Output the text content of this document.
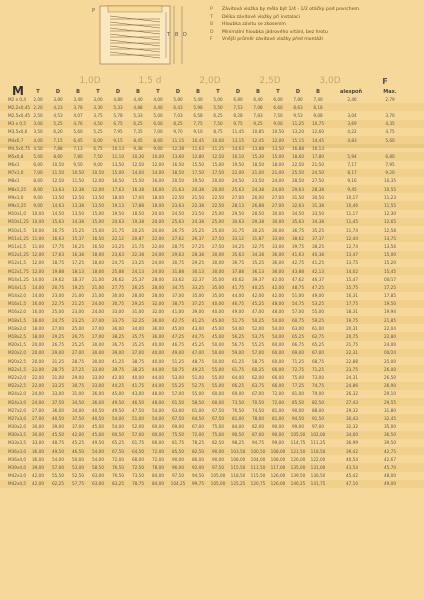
P
T B D
P	Závitová vložka by měla být 1/4 - 1/2 otáčky pod povrchem.
T	Délka závitové vložky při instalaci
B	Hloubka závitu se zkosením
D	Minimální hloubka jádrového vrtání, bez hrotu
F	Vnější průměr závitové vložky před montáží
M
1,0D	1,5 d	2,0D	2,5D	3,0D	F
T	D	B	T	D	B	T	D	B	T	D	B	T	D	B	alespoň	Max.
M2 x 0,4	2,00	3,80	3,40	3,00	4,80	4,40	4,00	5,80	5,40	5,00	6,80	6,40	6,00	7,80	7,40	2,46	2,79
M2,2x0,45 2,20	4,23	3,78	3,30	5,33	4,88	4,40	6,43	5,98	5,50	7,53	7,08	6,60	8,63	8,18
M2,5x0,45 2,50	4,53	4,07	3,75	5,78	5,33	5,00	7,03	6,58	6,25	8,28	7,83	7,50	9,53	9,08	3,04	3,70
M3 x 0,5	3,00	5,25	4,76	4,50	6,75	6,25	6,00	8,25	7,75	7,50	9,75	9,25	9,00	11,25	10,75	3,69	4,35
M3,5x0,6	3,50	6,20	5,60	5,25	7,95	7,35	7,00	9,70	9,10	8,75	11,45	10,85	10,50	13,20	12,60	4,22	4,75
M4x0,7	4,00	7,15	6,45	6,00	9,15	8,45	8,00	11,15	10,45	10,00	13,15	12,45	12,00	15,15	14,45	4,83	5,60
M4,5x0,75 4,50	7,88	7,13	6,75	10,13	9,38	9,00	12,38	11,63	11,25	14,63	13,88	13,50	16,88	16,13
M5x0,8	5,00	8,60	7,80	7,50	11,10	10,30	10,00	13,60	12,80	12,50	16,10	15,30	15,00	18,60	17,80	5,94	6,80
M6x1	6,00	10,50	9,50	9,00	13,50	12,50	12,00	16,50	15,50	15,00	19,50	18,50	18,00	22,50	21,50	7,17	7,95
M7x1,0	7,00	11,50	10,50	10,50	15,00	14,00	14,00	18,50	17,50	17,50	22,00	21,00	21,00	25,50	24,50	8,17	9,20
M8x1	8,00	12,50	11,50	12,00	16,50	15,50	16,00	20,50	19,50	20,00	24,50	23,50	24,00	28,50	27,50	9,16	10,35
M8x1,25	8,00	13,63	12,38	12,00	17,63	16,38	16,00	21,63	20,38	20,00	25,63	24,38	24,00	29,63	28,38	9,45	10,55
M9x1,0	9,00	13,50	12,50	13,50	18,00	17,00	18,00	22,50	21,50	22,50	27,00	26,00	27,00	31,50	30,50	10,17	11,23
M9x1,25	9,00	14,63	13,38	13,50	19,13	17,88	18,00	23,63	22,38	22,50	28,13	26,88	27,00	32,63	31,38	10,46	11,55
M10x1,0	10,00	14,50	13,50	15,00	19,50	18,50	20,00	24,50	23,50	25,00	29,50	28,50	30,00	34,50	33,50	11,17	12,30
M10x1,25 10,00	15,63	14,38	15,00	20,63	19,38	20,00	25,63	24,38	25,00	30,63	29,38	30,00	35,63	34,38	11,45	12,65
M10x1,5	10,00	16,75	15,25	15,00	21,75	20,25	20,00	26,75	25,25	25,00	31,75	30,25	30,00	36,75	35,25	11,74	12,58
M11x1,25 11,00	16,63	15,37	16,50	22,12	20,87	22,00	27,62	26,37	27,50	33,12	31,87	33,00	38,62	37,37	12,44	13,75
M11x1,5	11,00	17,75	16,25	16,50	23,25	21,75	22,00	28,75	27,25	27,50	34,25	32,75	33,00	39,75	38,25	12,74	13,56
M12x1,25 12,00	17,63	16,38	18,00	23,63	22,38	24,00	29,63	28,38	30,00	35,63	34,38	36,00	41,63	40,38	13,47	15,00
M12x1,5	12,00	18,75	17,25	18,00	24,75	23,25	24,00	30,75	29,25	30,00	36,75	35,25	36,00	42,75	41,25	13,75	15,20
M12x1,75 12,00	19,88	18,13	18,00	25,88	24,13	24,00	31,88	30,13	30,00	37,88	36,13	36,00	43,88	42,13	14,02	15,45
M14x1,25 14,00	19,62	18,37	21,00	26,62	25,37	28,00	33,62	32,37	35,00	40,62	39,37	42,00	47,62	46,37	15,47	00/17
M14x1,5	14,00	20,75	19,25	21,00	27,75	26,25	28,00	34,75	33,25	35,00	41,75	40,25	42,00	48,75	47,25	15,75	17,25
M14x2,0	14,00	23,00	21,00	21,00	30,00	28,00	28,00	37,00	35,00	35,00	44,00	42,00	42,00	51,00	49,00	16,31	17,85
M16x1,5	16,00	22,75	21,25	24,00	30,75	29,25	32,00	38,75	37,25	40,00	46,75	45,25	48,00	54,75	53,25	17,75	19,50
M16x2,0	16,00	25,00	23,00	24,00	33,00	31,00	32,00	41,00	39,00	40,00	49,00	47,00	48,00	57,00	55,00	18,31	19,94
M18x1,5	18,00	24,75	23,25	27,00	33,75	32,25	36,00	42,75	41,25	45,00	51,75	50,25	54,00	60,75	59,25	19,75	21,85
M18x2,0	18,00	27,00	25,00	27,00	36,00	34,00	36,00	45,00	43,00	45,00	54,00	52,00	54,00	63,00	61,00	20,31	22,04
M18x2,5	18,00	29,25	26,75	27,00	38,25	35,75	36,00	47,25	44,75	45,00	56,25	53,75	54,00	65,25	62,75	20,75	22,80
M20x1,5	20,00	26,75	25,25	30,00	36,75	35,25	40,00	46,75	45,25	50,00	56,75	55,25	60,00	66,75	65,25	21,75	24,00
M20x2,0	20,00	29,00	27,00	30,00	39,00	37,00	40,00	49,00	47,00	50,00	59,00	57,00	60,00	69,00	67,00	22,31	00/24
M20x2,5	20,00	31,25	28,75	30,00	41,25	38,75	40,00	51,25	48,75	50,00	61,25	58,75	60,00	71,25	68,75	22,88	25,00
M22x1,5	22,00	28,75	27,25	33,00	39,75	38,25	44,00	50,75	49,25	55,00	61,75	60,25	66,00	72,75	71,25	23,75	26,00
M22x2,0	22,00	31,00	29,00	33,00	42,00	40,00	44,00	53,00	51,00	55,00	64,00	62,00	66,00	75,00	73,00	24,31	26,50
M22x2,5	22,00	33,25	30,75	33,00	44,25	41,75	44,00	55,25	52,75	55,00	66,25	63,75	66,00	77,25	74,75	24,86	26,90
M24x2,0	24,00	33,00	31,00	36,00	45,00	43,00	48,00	57,00	55,00	60,00	69,00	67,00	72,00	81,00	79,00	26,32	29,10
M24x3,0	24,00	37,50	34,50	36,00	49,50	46,50	48,00	61,50	58,50	60,00	73,50	70,50	72,00	85,50	82,50	27,43	29,55
M27x2,0	27,00	36,00	34,00	40,50	49,50	47,50	54,00	63,00	61,00	67,50	76,50	74,50	81,00	90,00	88,00	29,32	31,80
M27x3,0	27,00	40,50	37,50	40,50	54,00	51,00	54,00	67,50	64,50	67,50	81,00	78,00	81,00	94,50	91,50	30,43	32,45
M30x2,0	30,00	39,00	37,00	45,00	54,00	52,00	60,00	69,00	67,00	75,00	84,00	82,00	90,00	99,00	97,00	32,32	35,00
M30x3,5	30,00	45,50	42,00	45,00	60,50	57,00	60,00	75,50	72,00	75,00	90,50	87,00	90,00	105,50	102,00	34,00	36,50
M33x3,5	33,00	48,75	45,25	49,50	65,25	61,75	66,00	81,75	78,25	82,50	98,25	94,75	99,00	114,75	111,25	36,99	39,50
M36x3,0	36,00	49,50	46,50	54,00	67,50	64,50	72,00	85,50	82,50	90,00	103,50	100,50	108,00	121,50	118,50	39,42	42,75
M36x4,0	36,00	54,00	50,00	54,00	72,00	68,00	72,00	90,00	86,00	90,00	108,00	104,00	108,00	126,00	122,00	40,54	42,67
M39x4,0	39,00	57,00	53,00	58,50	76,50	72,50	78,00	96,00	92,00	97,50	115,50	111,50	117,00	135,00	131,00	43,54	45,70
M42x3,0	42,00	55,50	52,50	63,00	76,50	73,50	84,00	97,50	94,50	105,00	118,50	115,50	126,00	139,50	136,50	45,42	48,00
M42x4,5	42,00	62,25	57,75	63,00	83,25	78,75	84,00	104,25	99,75	105,00	125,25	120,75	126,00	146,25	141,75	47,10	49,00
